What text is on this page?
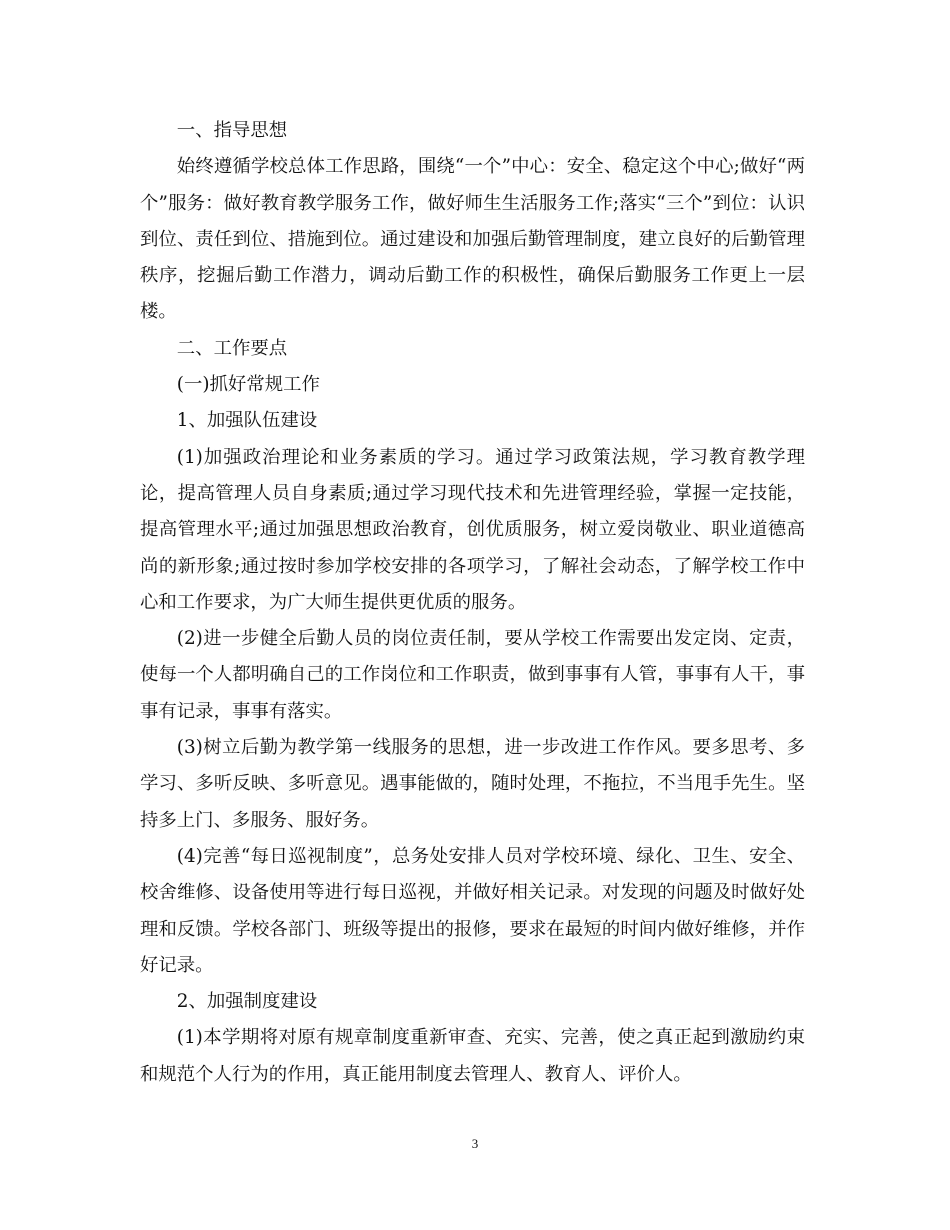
一、指导思想

始终遵循学校总体工作思路，围绕“一个”中心：安全、稳定这个中心;做好“两个”服务：做好教育教学服务工作，做好师生生活服务工作;落实“三个”到位：认识到位、责任到位、措施到位。通过建设和加强后勤管理制度，建立良好的后勤管理秩序，挖掘后勤工作潜力，调动后勤工作的积极性，确保后勤服务工作更上一层楼。

二、工作要点

(一)抓好常规工作

1、加强队伍建设

(1)加强政治理论和业务素质的学习。通过学习政策法规，学习教育教学理论，提高管理人员自身素质;通过学习现代技术和先进管理经验，掌握一定技能，提高管理水平;通过加强思想政治教育，创优质服务，树立爱岗敬业、职业道德高尚的新形象;通过按时参加学校安排的各项学习，了解社会动态，了解学校工作中心和工作要求，为广大师生提供更优质的服务。

(2)进一步健全后勤人员的岗位责任制，要从学校工作需要出发定岗、定责，使每一个人都明确自己的工作岗位和工作职责，做到事事有人管，事事有人干，事事有记录，事事有落实。

(3)树立后勤为教学第一线服务的思想，进一步改进工作作风。要多思考、多学习、多听反映、多听意见。遇事能做的，随时处理，不拖拉，不当甩手先生。坚持多上门、多服务、服好务。

(4)完善“每日巡视制度”，总务处安排人员对学校环境、绿化、卫生、安全、校舍维修、设备使用等进行每日巡视，并做好相关记录。对发现的问题及时做好处理和反馈。学校各部门、班级等提出的报修，要求在最短的时间内做好维修，并作好记录。

2、加强制度建设

(1)本学期将对原有规章制度重新审查、充实、完善，使之真正起到激励约束和规范个人行为的作用，真正能用制度去管理人、教育人、评价人。

3
